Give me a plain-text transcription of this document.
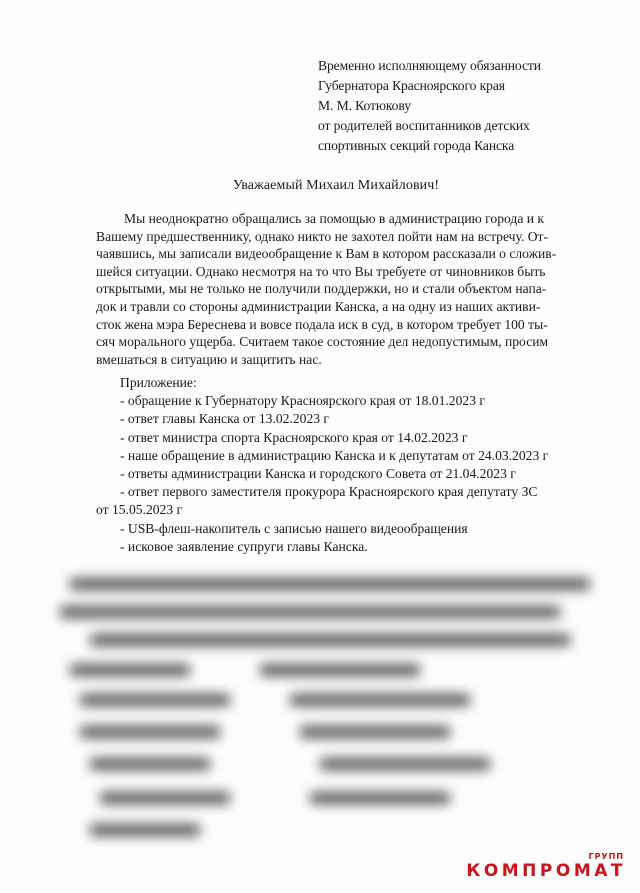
Временно исполняющему обязанности
Губернатора Красноярского края
М. М. Котюкову
от родителей воспитанников детских
спортивных секций города Канска
Уважаемый Михаил Михайлович!
Мы неоднократно обращались за помощью в администрацию города и к
Вашему предшественнику, однако никто не захотел пойти нам на встречу. От-
чаявшись, мы записали видеообращение к Вам в котором рассказали о сложив-
шейся ситуации. Однако несмотря на то что Вы требуете от чиновников быть
открытыми, мы не только не получили поддержки, но и стали объектом напа-
док и травли со стороны администрации Канска, а на одну из наших активи-
сток жена мэра Береснева и вовсе подала иск в суд, в котором требует 100 ты-
сяч морального ущерба. Считаем такое состояние дел недопустимым, просим
вмешаться в ситуацию и защитить нас.
Приложение:
- обращение к Губернатору Красноярского края от 18.01.2023 г
- ответ главы Канска от 13.02.2023 г
- ответ министра спорта Красноярского края от 14.02.2023 г
- наше обращение в администрацию Канска и к депутатам от 24.03.2023 г
- ответы администрации Канска и городского Совета от 21.04.2023 г
- ответ первого заместителя прокурора Красноярского края депутату ЗС
от 15.05.2023 г
- USB-флеш-накопитель с записью нашего видеообращения
- исковое заявление супруги главы Канска.
ГРУПП
КОМПРОМАТ
